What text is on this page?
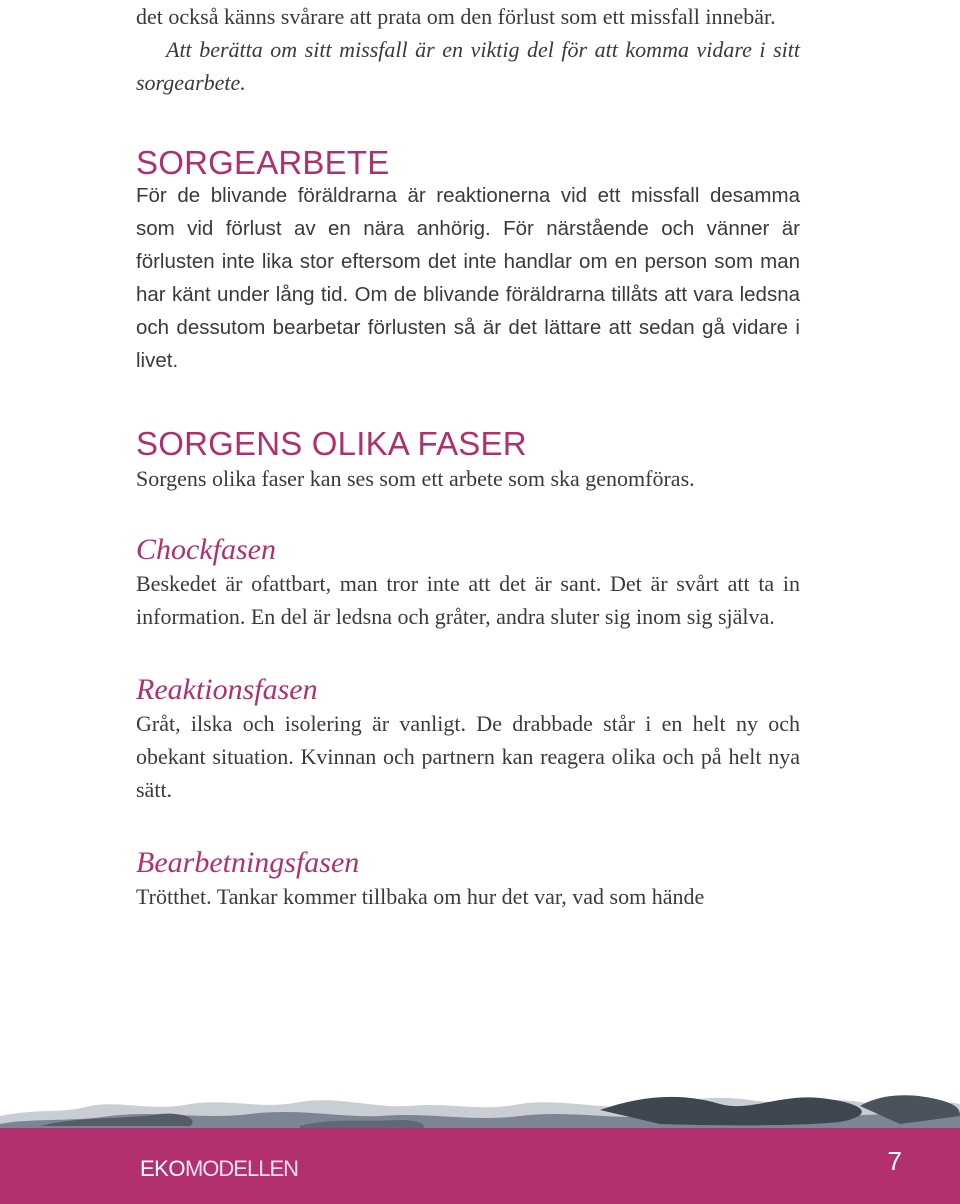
det också känns svårare att prata om den förlust som ett missfall innebär.

Att berätta om sitt missfall är en viktig del för att komma vidare i sitt sorgearbete.

SORGEARBETE

För de blivande föräldrarna är reaktionerna vid ett missfall desamma som vid förlust av en nära anhörig. För närstående och vänner är förlusten inte lika stor eftersom det inte handlar om en person som man har känt under lång tid. Om de blivande föräldrarna tillåts att vara ledsna och dessutom bearbetar förlusten så är det lättare att sedan gå vidare i livet.

SORGENS OLIKA FASER

Sorgens olika faser kan ses som ett arbete som ska genomföras.

Chockfasen

Beskedet är ofattbart, man tror inte att det är sant. Det är svårt att ta in information. En del är ledsna och gråter, andra sluter sig inom sig själva.

Reaktionsfasen

Gråt, ilska och isolering är vanligt. De drabbade står i en helt ny och obekant situation. Kvinnan och partnern kan reagera olika och på helt nya sätt.

Bearbetningsfasen

Trötthet. Tankar kommer tillbaka om hur det var, vad som hände

EKOMODELLEN	7
